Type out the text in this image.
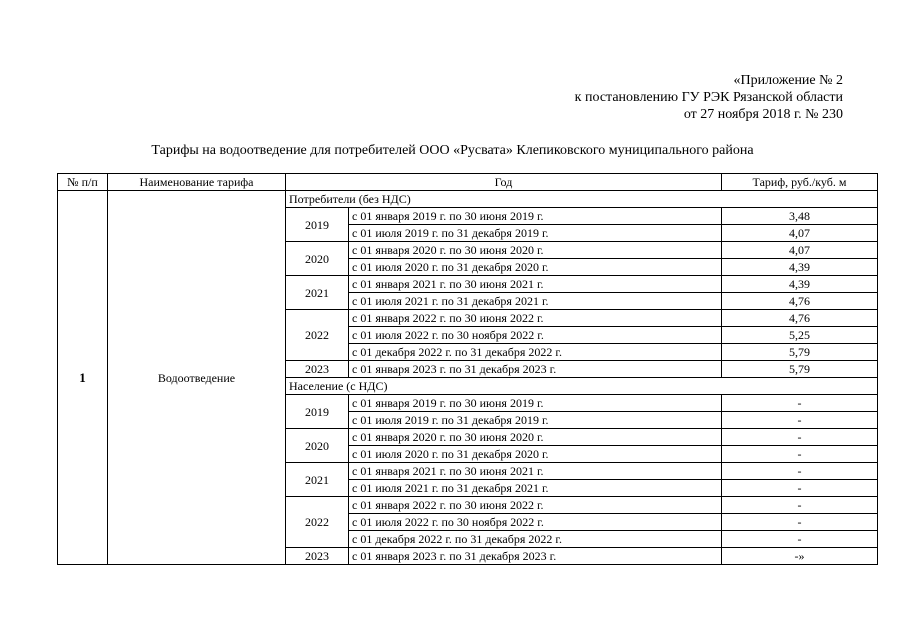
«Приложение № 2
к постановлению ГУ РЭК Рязанской области
от 27 ноября 2018 г. № 230
Тарифы на водоотведение для потребителей ООО «Русвата» Клепиковского муниципального района
№ п/п	Наименование тарифа	Год		Тариф, руб./куб. м
1	Водоотведение	Потребители (без НДС)		
		2019	с 01 января 2019 г. по 30 июня 2019 г.	3,48
			с 01 июля 2019 г. по 31 декабря 2019 г.	4,07
		2020	с 01 января 2020 г. по 30 июня 2020 г.	4,07
			с 01 июля 2020 г. по 31 декабря 2020 г.	4,39
		2021	с 01 января 2021 г. по 30 июня 2021 г.	4,39
			с 01 июля 2021 г. по 31 декабря 2021 г.	4,76
		2022	с 01 января 2022 г. по 30 июня 2022 г.	4,76
			с 01 июля 2022 г. по 30 ноября 2022 г.	5,25
			с 01 декабря 2022 г. по 31 декабря 2022 г.	5,79
		2023	с 01 января 2023 г. по 31 декабря 2023 г.	5,79
		Население (с НДС)		
		2019	с 01 января 2019 г. по 30 июня 2019 г.	-
			с 01 июля 2019 г. по 31 декабря 2019 г.	-
		2020	с 01 января 2020 г. по 30 июня 2020 г.	-
			с 01 июля 2020 г. по 31 декабря 2020 г.	-
		2021	с 01 января 2021 г. по 30 июня 2021 г.	-
			с 01 июля 2021 г. по 31 декабря 2021 г.	-
		2022	с 01 января 2022 г. по 30 июня 2022 г.	-
			с 01 июля 2022 г. по 30 ноября 2022 г.	-
			с 01 декабря 2022 г. по 31 декабря 2022 г.	-
		2023	с 01 января 2023 г. по 31 декабря 2023 г.	-»
